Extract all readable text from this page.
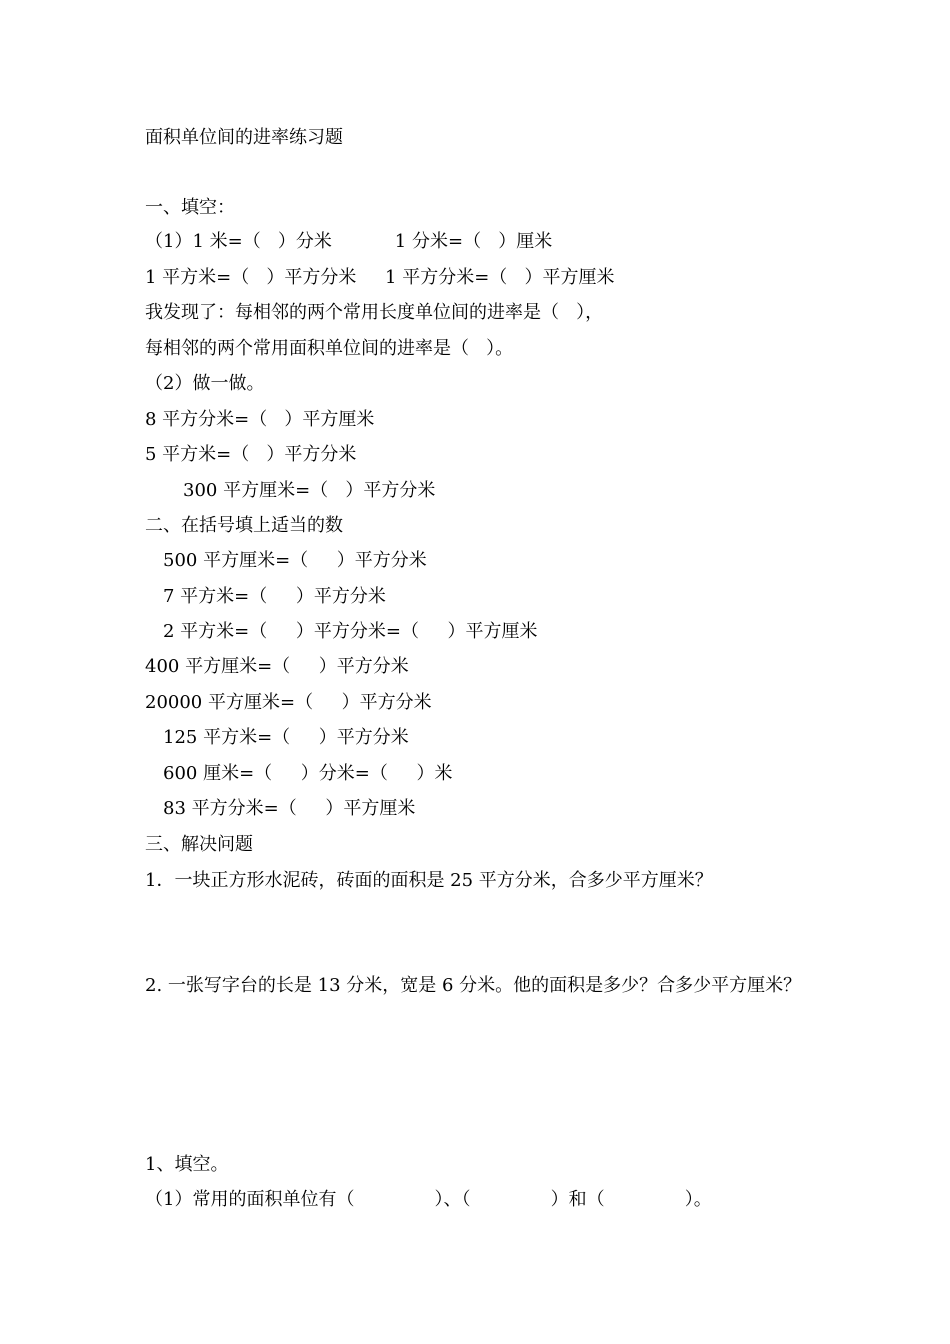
面积单位间的进率练习题
一、填空：
（1）1 米=（   ）分米           1 分米=（   ）厘米
1 平方米=（   ）平方分米     1 平方分米=（   ）平方厘米
我发现了：每相邻的两个常用长度单位间的进率是（   ），
每相邻的两个常用面积单位间的进率是（   ）。
（2）做一做。
8 平方分米=（   ）平方厘米
5 平方米=（   ）平方分米
300 平方厘米=（   ）平方分米
二、在括号填上适当的数
500 平方厘米=（     ）平方分米
7 平方米=（     ）平方分米
2 平方米=（     ）平方分米=（     ）平方厘米
400 平方厘米=（     ）平方分米
20000 平方厘米=（     ）平方分米
125 平方米=（     ）平方分米
600 厘米=（     ）分米=（     ）米
83 平方分米=（     ）平方厘米
三、解决问题
1．一块正方形水泥砖，砖面的面积是 25 平方分米，合多少平方厘米？
2. 一张写字台的长是 13 分米，宽是 6 分米。他的面积是多少？合多少平方厘米？
1、填空。
（1）常用的面积单位有（              ）、（              ）和（              ）。
